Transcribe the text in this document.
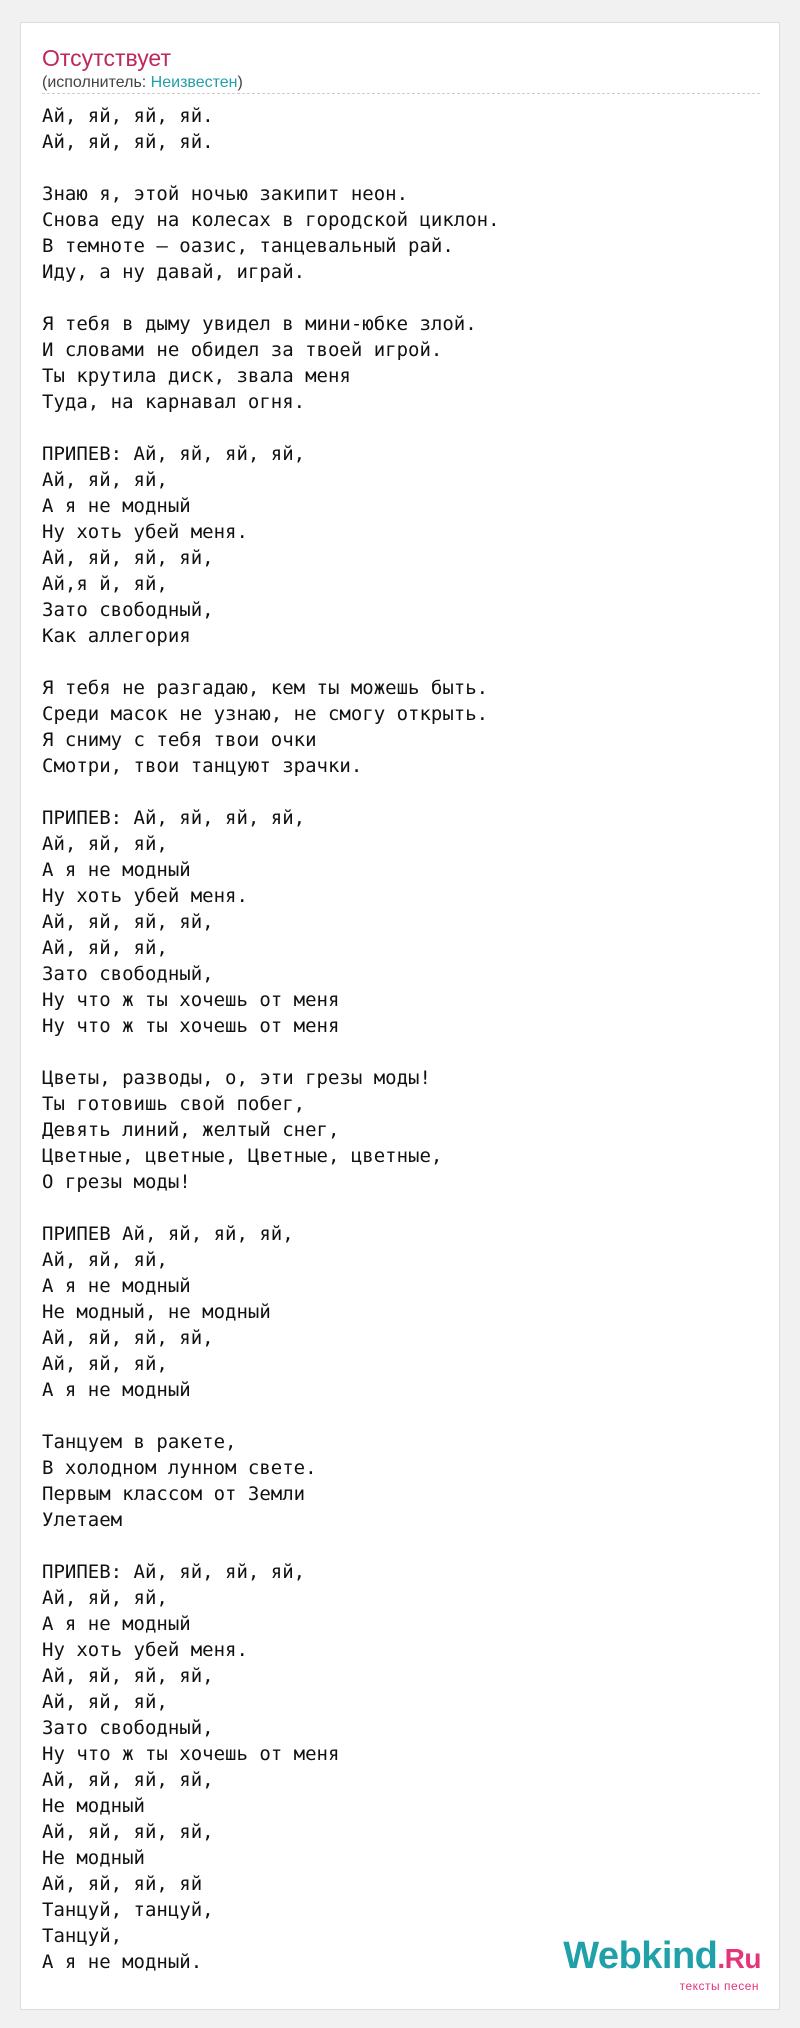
Отсутствует
(исполнитель: Неизвестен)
Ай, яй, яй, яй.
Ай, яй, яй, яй.

Знаю я, этой ночью закипит неон.
Снова еду на колесах в городской циклон.
В темноте — оазис, танцевальный рай.
Иду, а ну давай, играй.

Я тебя в дыму увидел в мини-юбке злой.
И словами не обидел за твоей игрой.
Ты крутила диск, звала меня
Туда, на карнавал огня.

ПРИПЕВ: Ай, яй, яй, яй,
Ай, яй, яй,
А я не модный
Ну хоть убей меня.
Ай, яй, яй, яй,
Ай,я й, яй,
Зато свободный,
Как аллегория

Я тебя не разгадаю, кем ты можешь быть.
Среди масок не узнаю, не смогу открыть.
Я сниму с тебя твои очки
Смотри, твои танцуют зрачки.

ПРИПЕВ: Ай, яй, яй, яй,
Ай, яй, яй,
А я не модный
Ну хоть убей меня.
Ай, яй, яй, яй,
Ай, яй, яй,
Зато свободный,
Ну что ж ты хочешь от меня
Ну что ж ты хочешь от меня

Цветы, разводы, о, эти грезы моды!
Ты готовишь свой побег,
Девять линий, желтый снег,
Цветные, цветные, Цветные, цветные,
О грезы моды!

ПРИПЕВ Ай, яй, яй, яй,
Ай, яй, яй,
А я не модный
Не модный, не модный
Ай, яй, яй, яй,
Ай, яй, яй,
А я не модный

Танцуем в ракете,
В холодном лунном свете.
Первым классом от Земли
Улетаем

ПРИПЕВ: Ай, яй, яй, яй,
Ай, яй, яй,
А я не модный
Ну хоть убей меня.
Ай, яй, яй, яй,
Ай, яй, яй,
Зато свободный,
Ну что ж ты хочешь от меня
Ай, яй, яй, яй,
Не модный
Ай, яй, яй, яй,
Не модный
Ай, яй, яй, яй
Танцуй, танцуй,
Танцуй,
А я не модный.	Webkind.Ru
тексты песен
